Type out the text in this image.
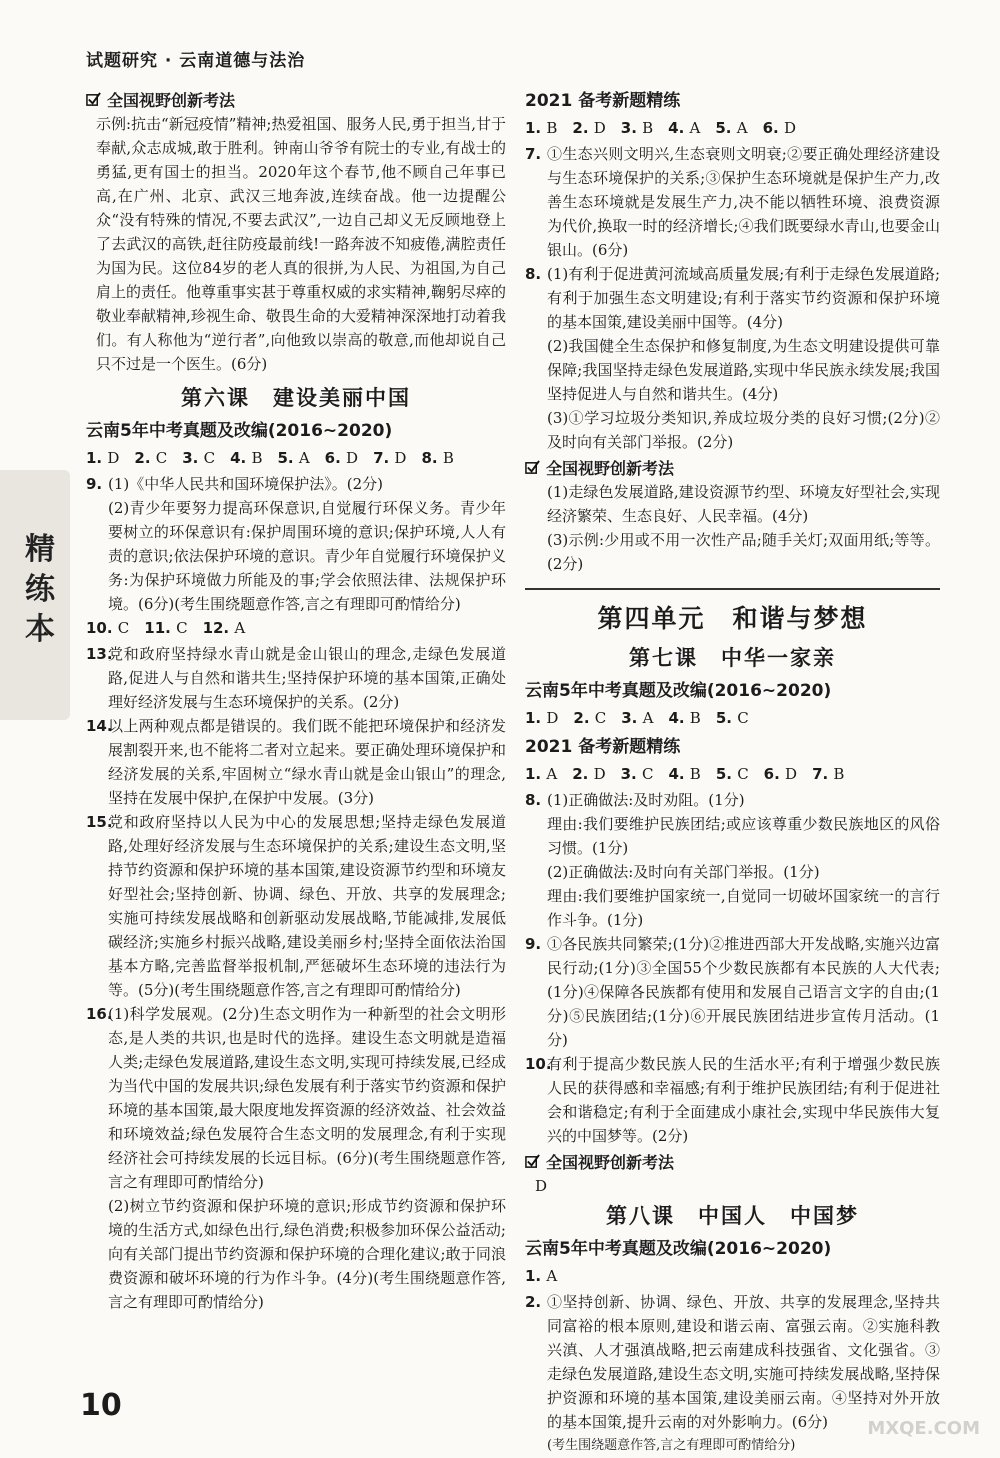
试题研究 · 云南道德与法治
精练本
全国视野创新考法
示例:抗击“新冠疫情”精神;热爱祖国、服务人民,勇于担当,甘于奉献,众志成城,敢于胜利。钟南山爷爷有院士的专业,有战士的勇猛,更有国士的担当。2020年这个春节,他不顾自己年事已高,在广州、北京、武汉三地奔波,连续奋战。他一边提醒公众“没有特殊的情况,不要去武汉”,一边自己却义无反顾地登上了去武汉的高铁,赶往防疫最前线!一路奔波不知疲倦,满腔责任为国为民。这位84岁的老人真的很拼,为人民、为祖国,为自己肩上的责任。他尊重事实甚于尊重权威的求实精神,鞠躬尽瘁的敬业奉献精神,珍视生命、敬畏生命的大爱精神深深地打动着我们。有人称他为“逆行者”,向他致以崇高的敬意,而他却说自己只不过是一个医生。(6分)
第六课　建设美丽中国
云南5年中考真题及改编(2016~2020)
1. D  2. C  3. C  4. B  5. A  6. D  7. D  8. B
9. (1)《中华人民共和国环境保护法》。(2分)
(2)青少年要努力提高环保意识,自觉履行环保义务。青少年要树立的环保意识有:保护周围环境的意识;保护环境,人人有责的意识;依法保护环境的意识。青少年自觉履行环境保护义务:为保护环境做力所能及的事;学会依照法律、法规保护环境。(6分)(考生围绕题意作答,言之有理即可酌情给分)
10. C  11. C  12. A
13.
党和政府坚持绿水青山就是金山银山的理念,走绿色发展道路,促进人与自然和谐共生;坚持保护环境的基本国策,正确处理好经济发展与生态环境保护的关系。(2分)
14.
以上两种观点都是错误的。我们既不能把环境保护和经济发展割裂开来,也不能将二者对立起来。要正确处理环境保护和经济发展的关系,牢固树立“绿水青山就是金山银山”的理念,坚持在发展中保护,在保护中发展。(3分)
15.
党和政府坚持以人民为中心的发展思想;坚持走绿色发展道路,处理好经济发展与生态环境保护的关系;建设生态文明,坚持节约资源和保护环境的基本国策,建设资源节约型和环境友好型社会;坚持创新、协调、绿色、开放、共享的发展理念;实施可持续发展战略和创新驱动发展战略,节能减排,发展低碳经济;实施乡村振兴战略,建设美丽乡村;坚持全面依法治国基本方略,完善监督举报机制,严惩破坏生态环境的违法行为等。(5分)(考生围绕题意作答,言之有理即可酌情给分)
16.
(1)科学发展观。(2分)生态文明作为一种新型的社会文明形态,是人类的共识,也是时代的选择。建设生态文明就是造福人类;走绿色发展道路,建设生态文明,实现可持续发展,已经成为当代中国的发展共识;绿色发展有利于落实节约资源和保护环境的基本国策,最大限度地发挥资源的经济效益、社会效益和环境效益;绿色发展符合生态文明的发展理念,有利于实现经济社会可持续发展的长远目标。(6分)(考生围绕题意作答,言之有理即可酌情给分)
(2)树立节约资源和保护环境的意识;形成节约资源和保护环境的生活方式,如绿色出行,绿色消费;积极参加环保公益活动;向有关部门提出节约资源和保护环境的合理化建议;敢于同浪费资源和破坏环境的行为作斗争。(4分)(考生围绕题意作答,言之有理即可酌情给分)
2021 备考新题精练
1. B  2. D  3. B  4. A  5. A  6. D
7. ①生态兴则文明兴,生态衰则文明衰;②要正确处理经济建设与生态环境保护的关系;③保护生态环境就是保护生产力,改善生态环境就是发展生产力,决不能以牺牲环境、浪费资源为代价,换取一时的经济增长;④我们既要绿水青山,也要金山银山。(6分)
8. (1)有利于促进黄河流域高质量发展;有利于走绿色发展道路;有利于加强生态文明建设;有利于落实节约资源和保护环境的基本国策,建设美丽中国等。(4分)
(2)我国健全生态保护和修复制度,为生态文明建设提供可靠保障;我国坚持走绿色发展道路,实现中华民族永续发展;我国坚持促进人与自然和谐共生。(4分)
(3)①学习垃圾分类知识,养成垃圾分类的良好习惯;(2分)②及时向有关部门举报。(2分)
全国视野创新考法
(1)走绿色发展道路,建设资源节约型、环境友好型社会,实现经济繁荣、生态良好、人民幸福。(4分)
(3)示例:少用或不用一次性产品;随手关灯;双面用纸;等等。(2分)
第四单元　和谐与梦想
第七课　中华一家亲
云南5年中考真题及改编(2016~2020)
1. D  2. C  3. A  4. B  5. C
2021 备考新题精练
1. A  2. D  3. C  4. B  5. C  6. D  7. B
8. (1)正确做法:及时劝阻。(1分)
理由:我们要维护民族团结;或应该尊重少数民族地区的风俗习惯。(1分)
(2)正确做法:及时向有关部门举报。(1分)
理由:我们要维护国家统一,自觉同一切破坏国家统一的言行作斗争。(1分)
9. ①各民族共同繁荣;(1分)②推进西部大开发战略,实施兴边富民行动;(1分)③全国55个少数民族都有本民族的人大代表;(1分)④保障各民族都有使用和发展自己语言文字的自由;(1分)⑤民族团结;(1分)⑥开展民族团结进步宣传月活动。(1分)
10.
有利于提高少数民族人民的生活水平;有利于增强少数民族人民的获得感和幸福感;有利于维护民族团结;有利于促进社会和谐稳定;有利于全面建成小康社会,实现中华民族伟大复兴的中国梦等。(2分)
全国视野创新考法
D
第八课　中国人　中国梦
云南5年中考真题及改编(2016~2020)
1. A
2. ①坚持创新、协调、绿色、开放、共享的发展理念,坚持共同富裕的根本原则,建设和谐云南、富强云南。②实施科教兴滇、人才强滇战略,把云南建成科技强省、文化强省。③走绿色发展道路,建设生态文明,实施可持续发展战略,坚持保护资源和环境的基本国策,建设美丽云南。④坚持对外开放的基本国策,提升云南的对外影响力。(6分)
(考生围绕题意作答,言之有理即可酌情给分)
10
MXQE.COM
